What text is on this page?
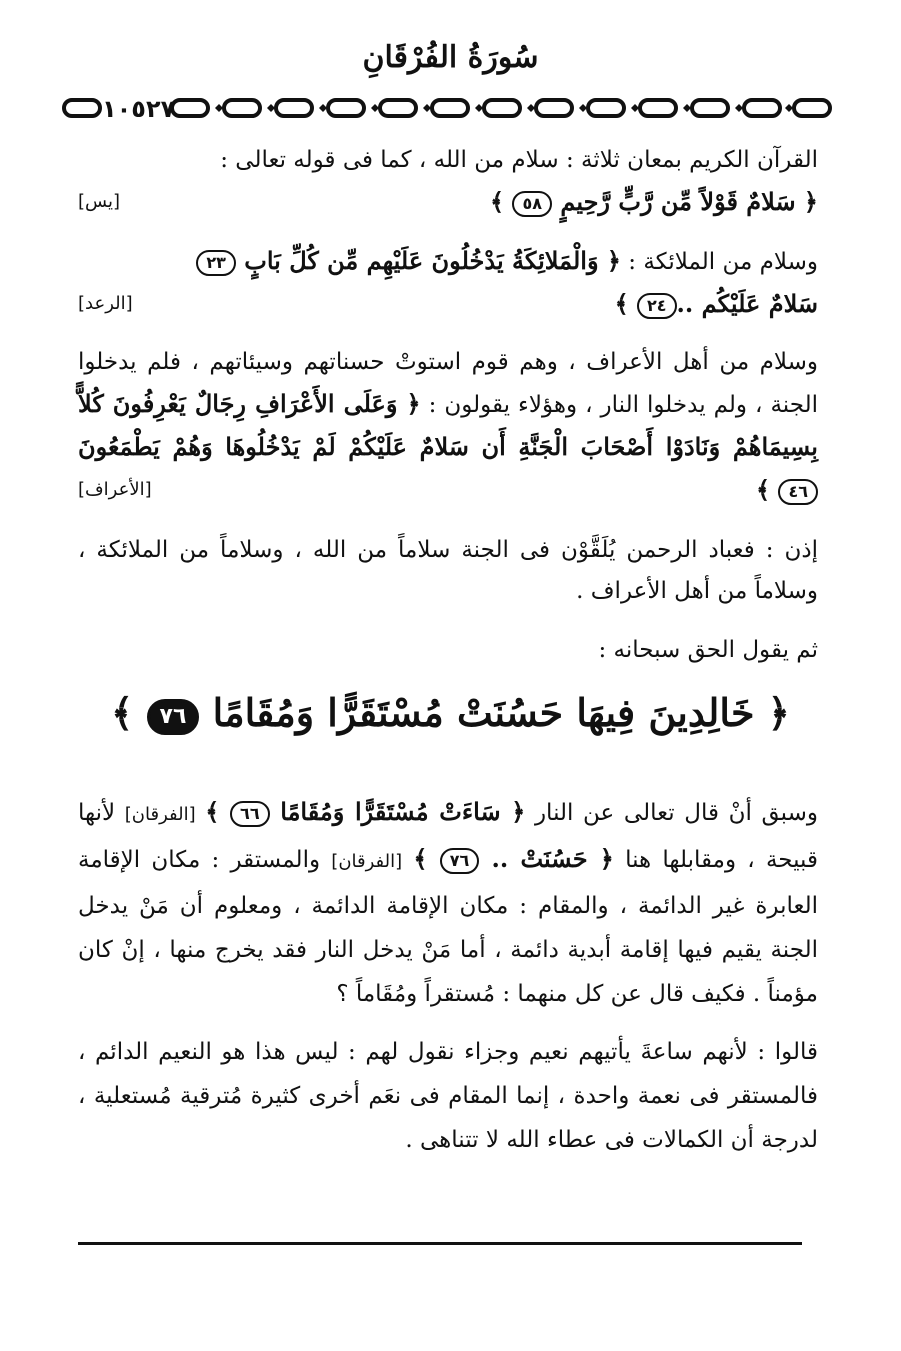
سُورَةُ الفُرْقَانِ
١٠٥٢٧

القرآن الكريم بمعان ثلاثة : سلام من الله ، كما فى قوله تعالى :

﴿ سَلامٌ قَوْلاً مِّن رَّبٍّ رَّحِيمٍ ٥٨ ﴾
[يس]

وسلام من الملائكة : ﴿ وَالْمَلائِكَةُ يَدْخُلُونَ عَلَيْهِم مِّن كُلِّ بَابٍ ٢٣

سَلامٌ عَلَيْكُم ..٢٤ ﴾
[الرعد]

وسلام من أهل الأعراف ، وهم قوم استوتْ حسناتهم وسيئاتهم ، فلم يدخلوا الجنة ، ولم يدخلوا النار ، وهؤلاء يقولون : ﴿ وَعَلَى الأَعْرَافِ رِجَالٌ يَعْرِفُونَ كُلاًّ بِسِيمَاهُمْ وَنَادَوْا أَصْحَابَ الْجَنَّةِ أَن سَلامٌ عَلَيْكُمْ لَمْ يَدْخُلُوهَا وَهُمْ يَطْمَعُونَ ٤٦ ﴾
[الأعراف]

إذن : فعباد الرحمن يُلَقَّوْن فى الجنة سلاماً من الله ، وسلاماً من الملائكة ، وسلاماً من أهل الأعراف .

ثم يقول الحق سبحانه :

﴿ خَالِدِينَ فِيهَا حَسُنَتْ مُسْتَقَرًّا وَمُقَامًا ٧٦ ﴾

وسبق أنْ قال تعالى عن النار ﴿ سَاءَتْ مُسْتَقَرًّا وَمُقَامًا ٦٦ ﴾ [الفرقان] لأنها قبيحة ، ومقابلها هنا ﴿ حَسُنَتْ .. ٧٦ ﴾ [الفرقان] والمستقر : مكان الإقامة العابرة غير الدائمة ، والمقام : مكان الإقامة الدائمة ، ومعلوم أن مَنْ يدخل الجنة يقيم فيها إقامة أبدية دائمة ، أما مَنْ يدخل النار فقد يخرج منها ، إنْ كان مؤمناً . فكيف قال عن كل منهما : مُستقراً ومُقَاماً ؟

قالوا : لأنهم ساعةَ يأتيهم نعيم وجزاء نقول لهم : ليس هذا هو النعيم الدائم ، فالمستقر فى نعمة واحدة ، إنما المقام فى نعَم أخرى كثيرة مُترقية مُستعلية ، لدرجة أن الكمالات فى عطاء الله لا تتناهى .
